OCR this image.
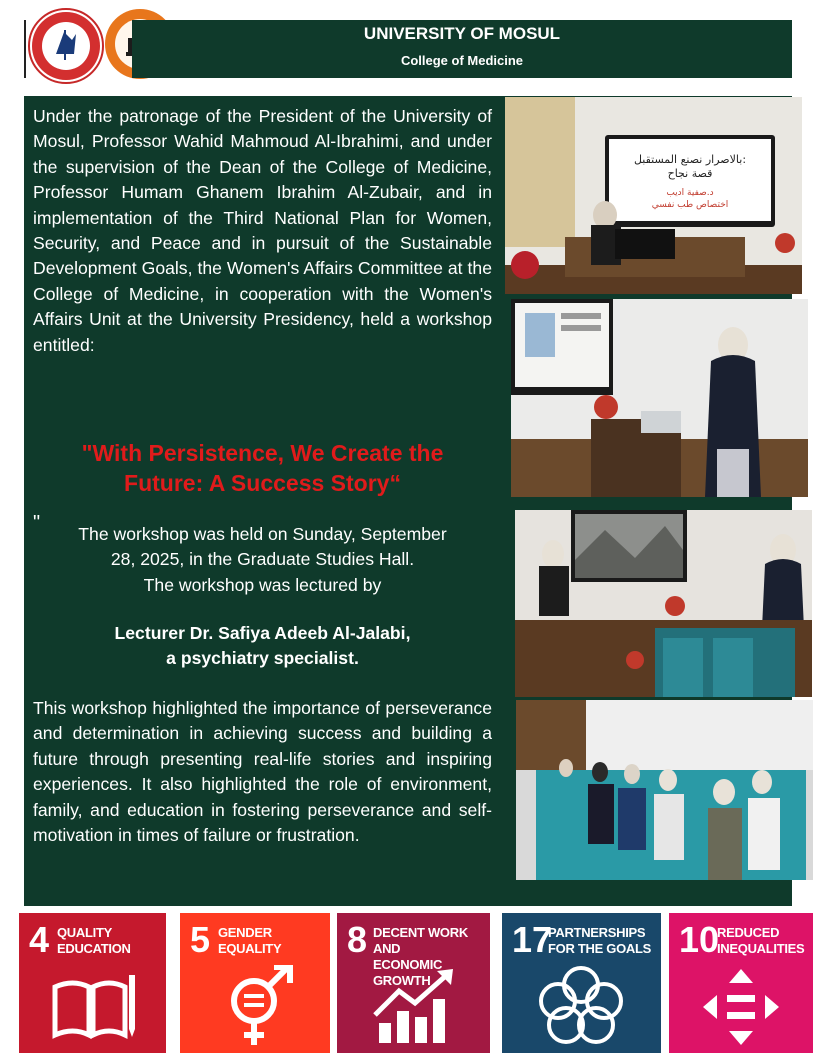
UNIVERSITY OF MOSUL
College of Medicine
Under the patronage of the President of the University of Mosul, Professor Wahid Mahmoud Al-Ibrahimi, and under the supervision of the Dean of the College of Medicine, Professor Humam Ghanem Ibrahim Al-Zubair, and in implementation of the Third National Plan for Women, Security, and Peace and in pursuit of the Sustainable Development Goals, the Women's Affairs Committee at the College of Medicine, in cooperation with the Women's Affairs Unit at the University Presidency, held a workshop entitled:
"With Persistence, We Create the Future: A Success Story“
"	The workshop was held on Sunday, September
28, 2025, in the Graduate Studies Hall.
The workshop was lectured by
Lecturer Dr. Safiya Adeeb Al-Jalabi,
a psychiatry specialist.
This workshop highlighted the importance of perseverance and determination in achieving success and building a future through presenting real-life stories and inspiring experiences. It also highlighted the role of environment, family, and education in fostering perseverance and self-motivation in times of failure or frustration.
بالاصرار نصنع المستقبل:
قصة نجاح
د.صفية اديب
اختصاص طب نفسي
4 QUALITY
EDUCATION 5 GENDER
EQUALITY 8 DECENT WORK AND
ECONOMIC GROWTH
17
PARTNERSHIPS
FOR THE GOALS 10
REDUCED
INEQUALITIES
